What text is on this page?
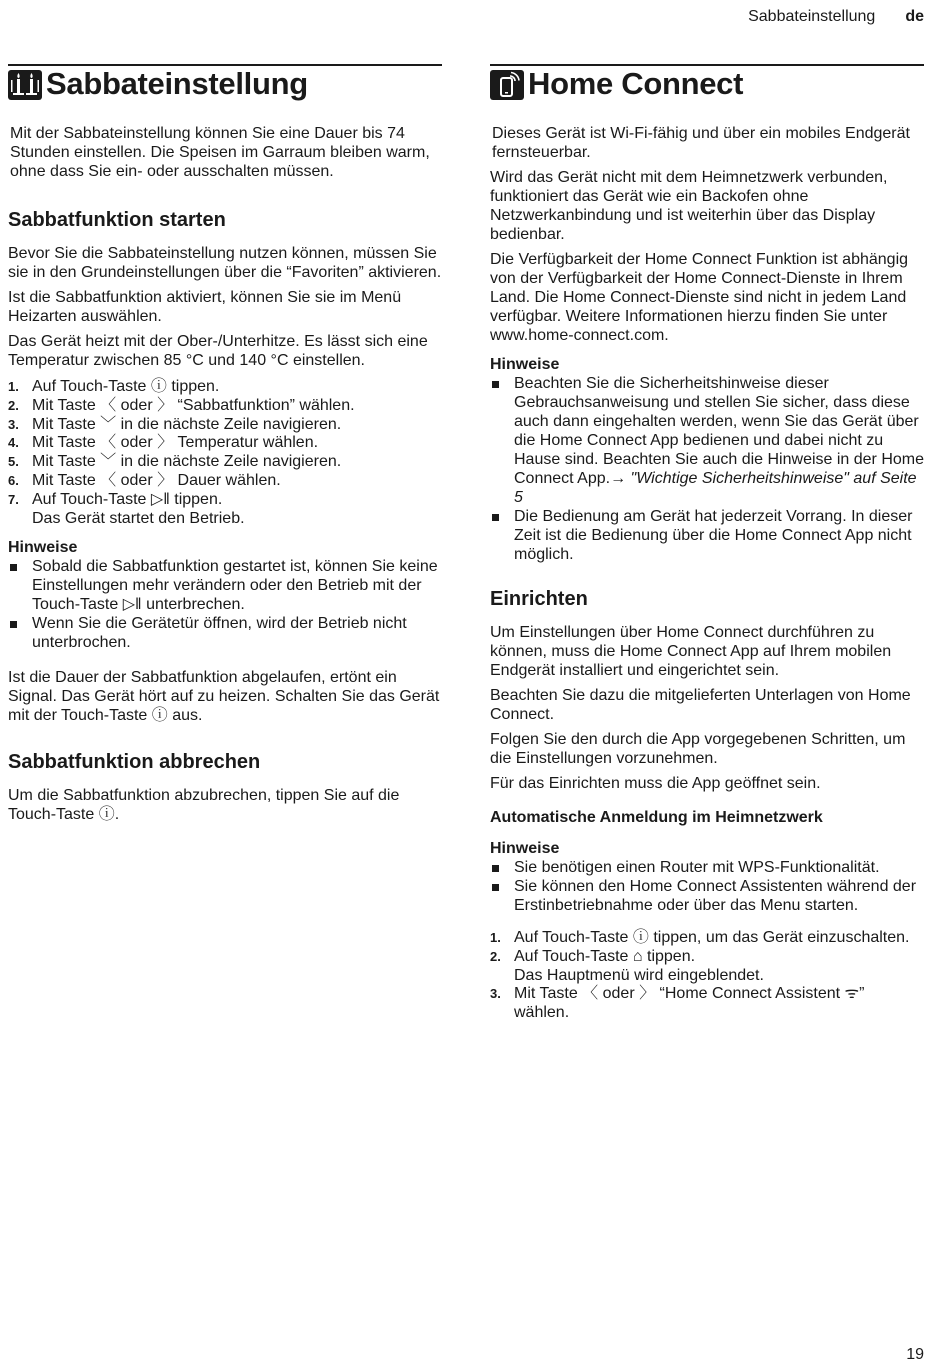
Sabbateinstellung de
Sabbateinstellung

Mit der Sabbateinstellung können Sie eine Dauer bis 74 Stunden einstellen. Die Speisen im Garraum bleiben warm, ohne dass Sie ein- oder ausschalten müssen.

Sabbatfunktion starten

Bevor Sie die Sabbateinstellung nutzen können, müssen Sie sie in den Grundeinstellungen über die “Favoriten” aktivieren.

Ist die Sabbatfunktion aktiviert, können Sie sie im Menü Heizarten auswählen.

Das Gerät heizt mit der Ober-/Unterhitze. Es lässt sich eine Temperatur zwischen 85 °C und 140 °C einstellen.

1. Auf Touch-Taste ⓘ tippen.
2. Mit Taste 〈 oder 〉 “Sabbatfunktion” wählen.
3. Mit Taste ﹀ in die nächste Zeile navigieren.
4. Mit Taste 〈 oder 〉 Temperatur wählen.
5. Mit Taste ﹀ in die nächste Zeile navigieren.
6. Mit Taste 〈 oder 〉 Dauer wählen.
7. Auf Touch-Taste ▷‖ tippen.
Das Gerät startet den Betrieb.
Hinweise
Sobald die Sabbatfunktion gestartet ist, können Sie keine Einstellungen mehr verändern oder den Betrieb mit der Touch-Taste ▷‖ unterbrechen.
Wenn Sie die Gerätetür öffnen, wird der Betrieb nicht unterbrochen.

Ist die Dauer der Sabbatfunktion abgelaufen, ertönt ein Signal. Das Gerät hört auf zu heizen. Schalten Sie das Gerät mit der Touch-Taste ⓘ aus.

Sabbatfunktion abbrechen

Um die Sabbatfunktion abzubrechen, tippen Sie auf die Touch-Taste ⓘ.

Home Connect

Dieses Gerät ist Wi-Fi-fähig und über ein mobiles Endgerät fernsteuerbar.

Wird das Gerät nicht mit dem Heimnetzwerk verbunden, funktioniert das Gerät wie ein Backofen ohne Netzwerkanbindung und ist weiterhin über das Display bedienbar.

Die Verfügbarkeit der Home Connect Funktion ist abhängig von der Verfügbarkeit der Home Connect-Dienste in Ihrem Land. Die Home Connect-Dienste sind nicht in jedem Land verfügbar. Weitere Informationen hierzu finden Sie unter www.home-connect.com.

Hinweise
Beachten Sie die Sicherheitshinweise dieser Gebrauchsanweisung und stellen Sie sicher, dass diese auch dann eingehalten werden, wenn Sie das Gerät über die Home Connect App bedienen und dabei nicht zu Hause sind. Beachten Sie auch die Hinweise in der Home Connect App.→ "Wichtige Sicherheitshinweise" auf Seite 5
Die Bedienung am Gerät hat jederzeit Vorrang. In dieser Zeit ist die Bedienung über die Home Connect App nicht möglich.
Einrichten

Um Einstellungen über Home Connect durchführen zu können, muss die Home Connect App auf Ihrem mobilen Endgerät installiert und eingerichtet sein.

Beachten Sie dazu die mitgelieferten Unterlagen von Home Connect.

Folgen Sie den durch die App vorgegebenen Schritten, um die Einstellungen vorzunehmen.

Für das Einrichten muss die App geöffnet sein.

Automatische Anmeldung im Heimnetzwerk
Hinweise
Sie benötigen einen Router mit WPS-Funktionalität.
Sie können den Home Connect Assistenten während der Erstinbetriebnahme oder über das Menu starten.
1. Auf Touch-Taste ⓘ tippen, um das Gerät einzuschalten.
2. Auf Touch-Taste ⌂ tippen.
Das Hauptmenü wird eingeblendet.
3. Mit Taste 〈 oder 〉 “Home Connect Assistent ᯤ” wählen.
19
